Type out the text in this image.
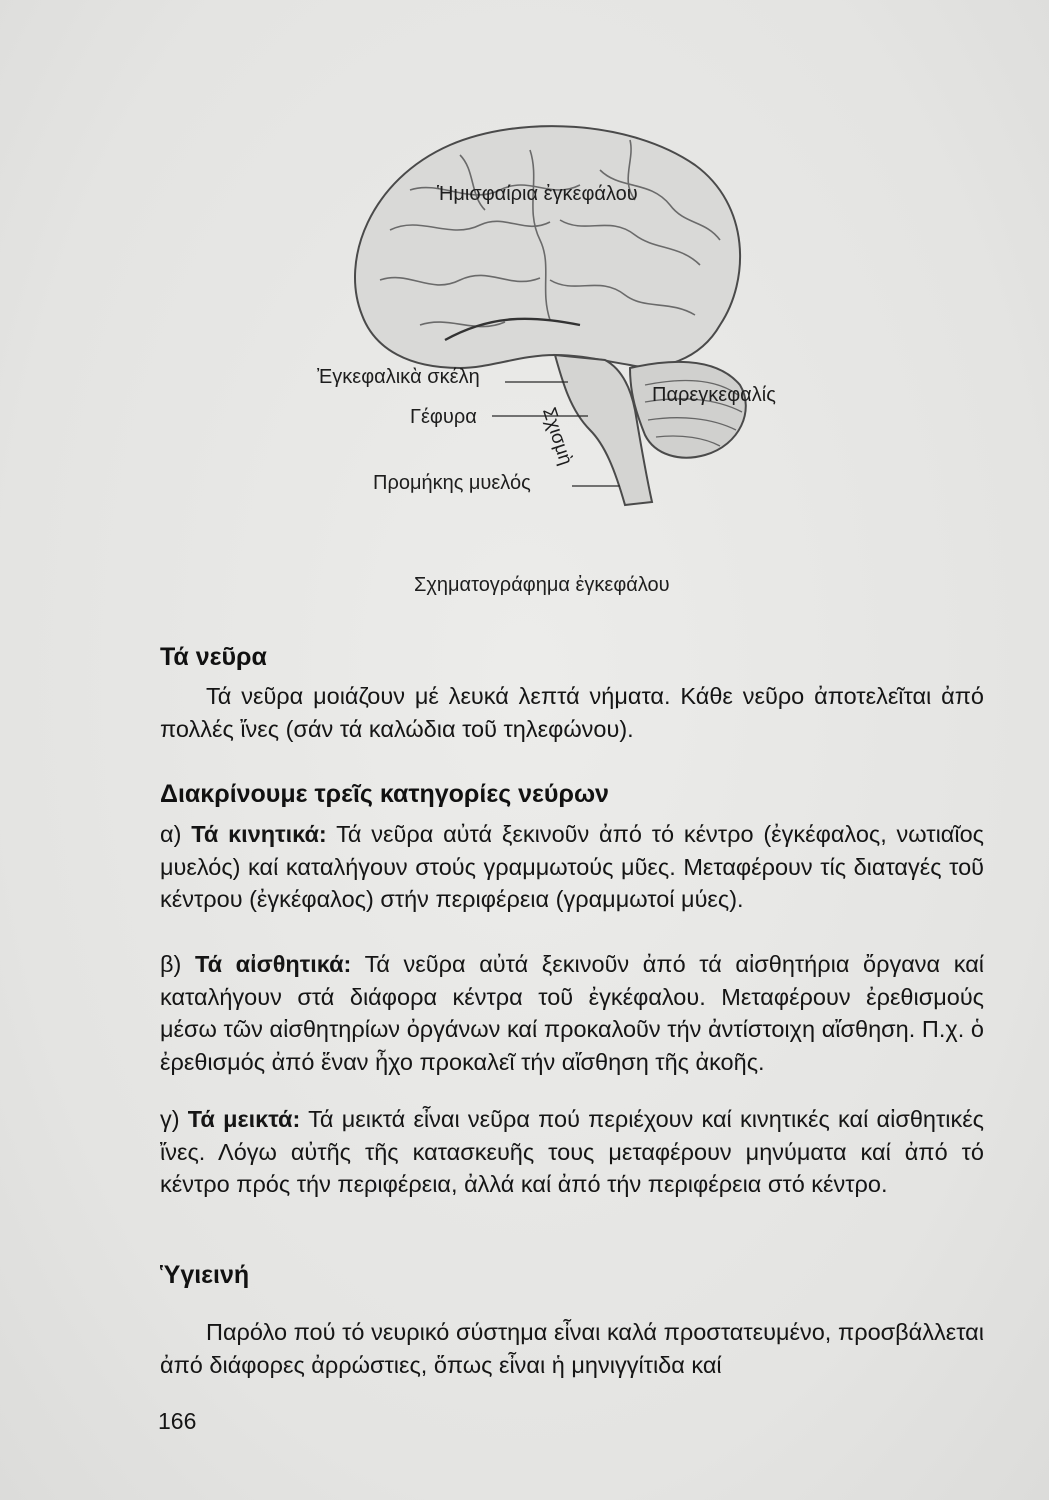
Ἡμισφαίρια ἐγκεφάλου
Ἐγκεφαλικὰ σκέλη
Γέφυρα
Προμήκης μυελός
Παρεγκεφαλίς
Σχισμὴ
Σχηματογράφημα ἐγκεφάλου
Τά νεῦρα

Τά νεῦρα μοιάζουν μέ λευκά λεπτά νήματα. Κάθε νεῦρο ἀποτελεῖται ἀπό πολλές ἴνες (σάν τά καλώδια τοῦ τηλεφώνου).

Διακρίνουμε τρεῖς κατηγορίες νεύρων

α) Τά κινητικά: Τά νεῦρα αὐτά ξεκινοῦν ἀπό τό κέντρο (ἐγκέφαλος, νωτιαῖος μυελός) καί καταλήγουν στούς γραμμωτούς μῦες. Μεταφέρουν τίς διαταγές τοῦ κέντρου (ἐγκέφαλος) στήν περιφέρεια (γραμμωτοί μύες).

β) Τά αἰσθητικά: Τά νεῦρα αὐτά ξεκινοῦν ἀπό τά αἰσθητήρια ὄργανα καί καταλήγουν στά διάφορα κέντρα τοῦ ἐγκέφαλου. Μεταφέρουν ἐρεθισμούς μέσω τῶν αἰσθητηρίων ὀργάνων καί προκαλοῦν τήν ἀντίστοιχη αἴσθηση. Π.χ. ὁ ἐρεθισμός ἀπό ἕναν ἦχο προκαλεῖ τήν αἴσθηση τῆς ἀκοῆς.

γ) Τά μεικτά: Τά μεικτά εἶναι νεῦρα πού περιέχουν καί κινητικές καί αἰσθητικές ἴνες. Λόγω αὐτῆς τῆς κατασκευῆς τους μεταφέρουν μηνύματα καί ἀπό τό κέντρο πρός τήν περιφέρεια, ἀλλά καί ἀπό τήν περιφέρεια στό κέντρο.

Ὑγιεινή

Παρόλο πού τό νευρικό σύστημα εἶναι καλά προστατευμένο, προσβάλλεται ἀπό διάφορες ἀρρώστιες, ὅπως εἶναι ἡ μηνιγγίτιδα καί

166
